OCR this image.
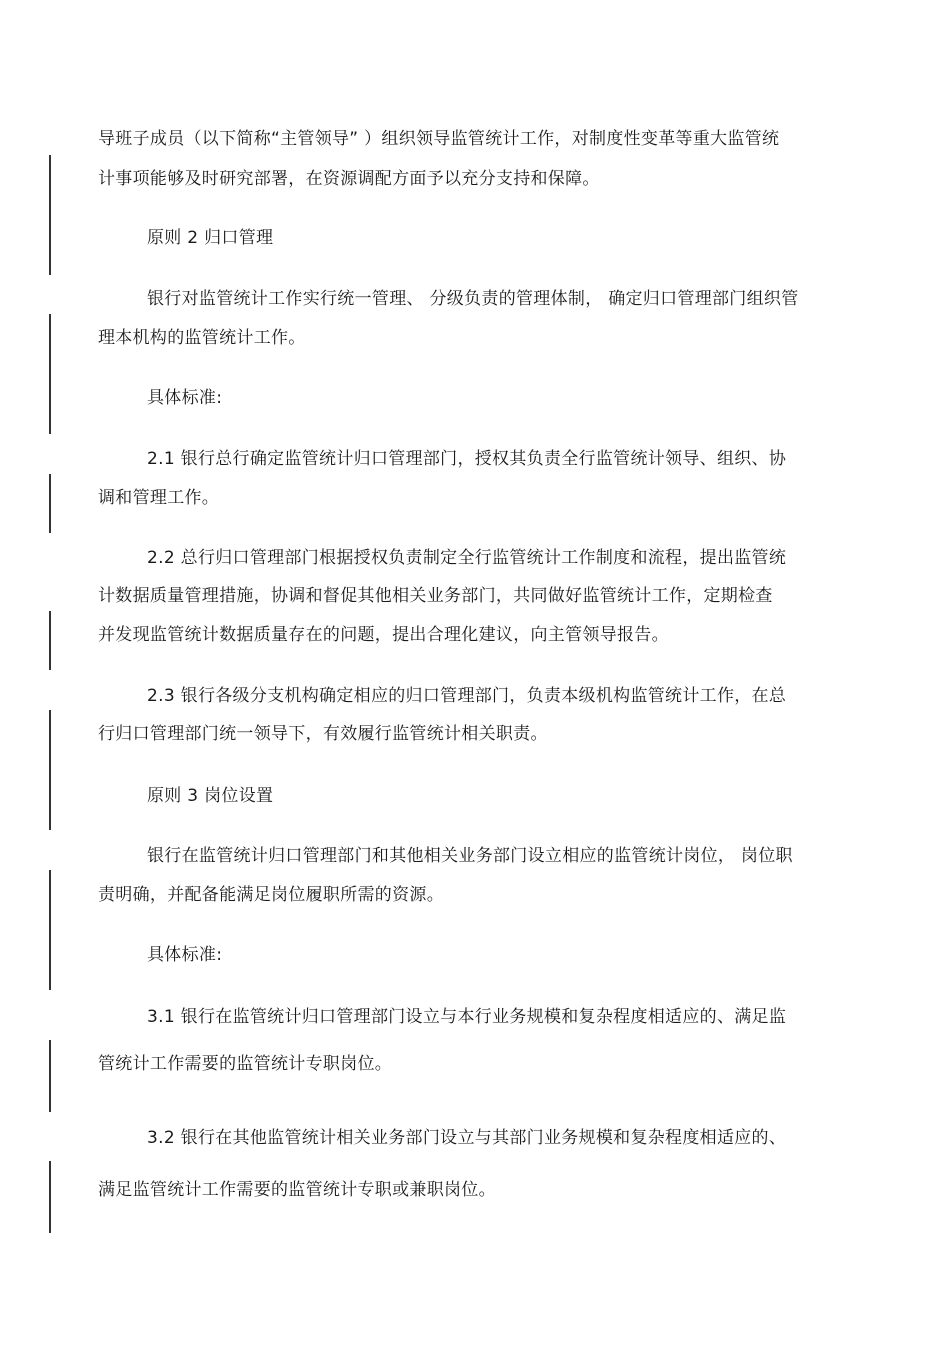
导班子成员（以下简称“主管领导” ）组织领导监管统计工作，对制度性变革等重大监管统
计事项能够及时研究部署，在资源调配方面予以充分支持和保障。
原则 2 归口管理
银行对监管统计工作实行统一管理、 分级负责的管理体制， 确定归口管理部门组织管
理本机构的监管统计工作。
具体标准:
2.1 银行总行确定监管统计归口管理部门，授权其负责全行监管统计领导、组织、协
调和管理工作。
2.2 总行归口管理部门根据授权负责制定全行监管统计工作制度和流程，提出监管统
计数据质量管理措施，协调和督促其他相关业务部门，共同做好监管统计工作，定期检查
并发现监管统计数据质量存在的问题，提出合理化建议，向主管领导报告。
2.3 银行各级分支机构确定相应的归口管理部门，负责本级机构监管统计工作，在总
行归口管理部门统一领导下，有效履行监管统计相关职责。
原则 3 岗位设置
银行在监管统计归口管理部门和其他相关业务部门设立相应的监管统计岗位， 岗位职
责明确，并配备能满足岗位履职所需的资源。
具体标准:
3.1 银行在监管统计归口管理部门设立与本行业务规模和复杂程度相适应的、满足监
管统计工作需要的监管统计专职岗位。
3.2 银行在其他监管统计相关业务部门设立与其部门业务规模和复杂程度相适应的、
满足监管统计工作需要的监管统计专职或兼职岗位。
